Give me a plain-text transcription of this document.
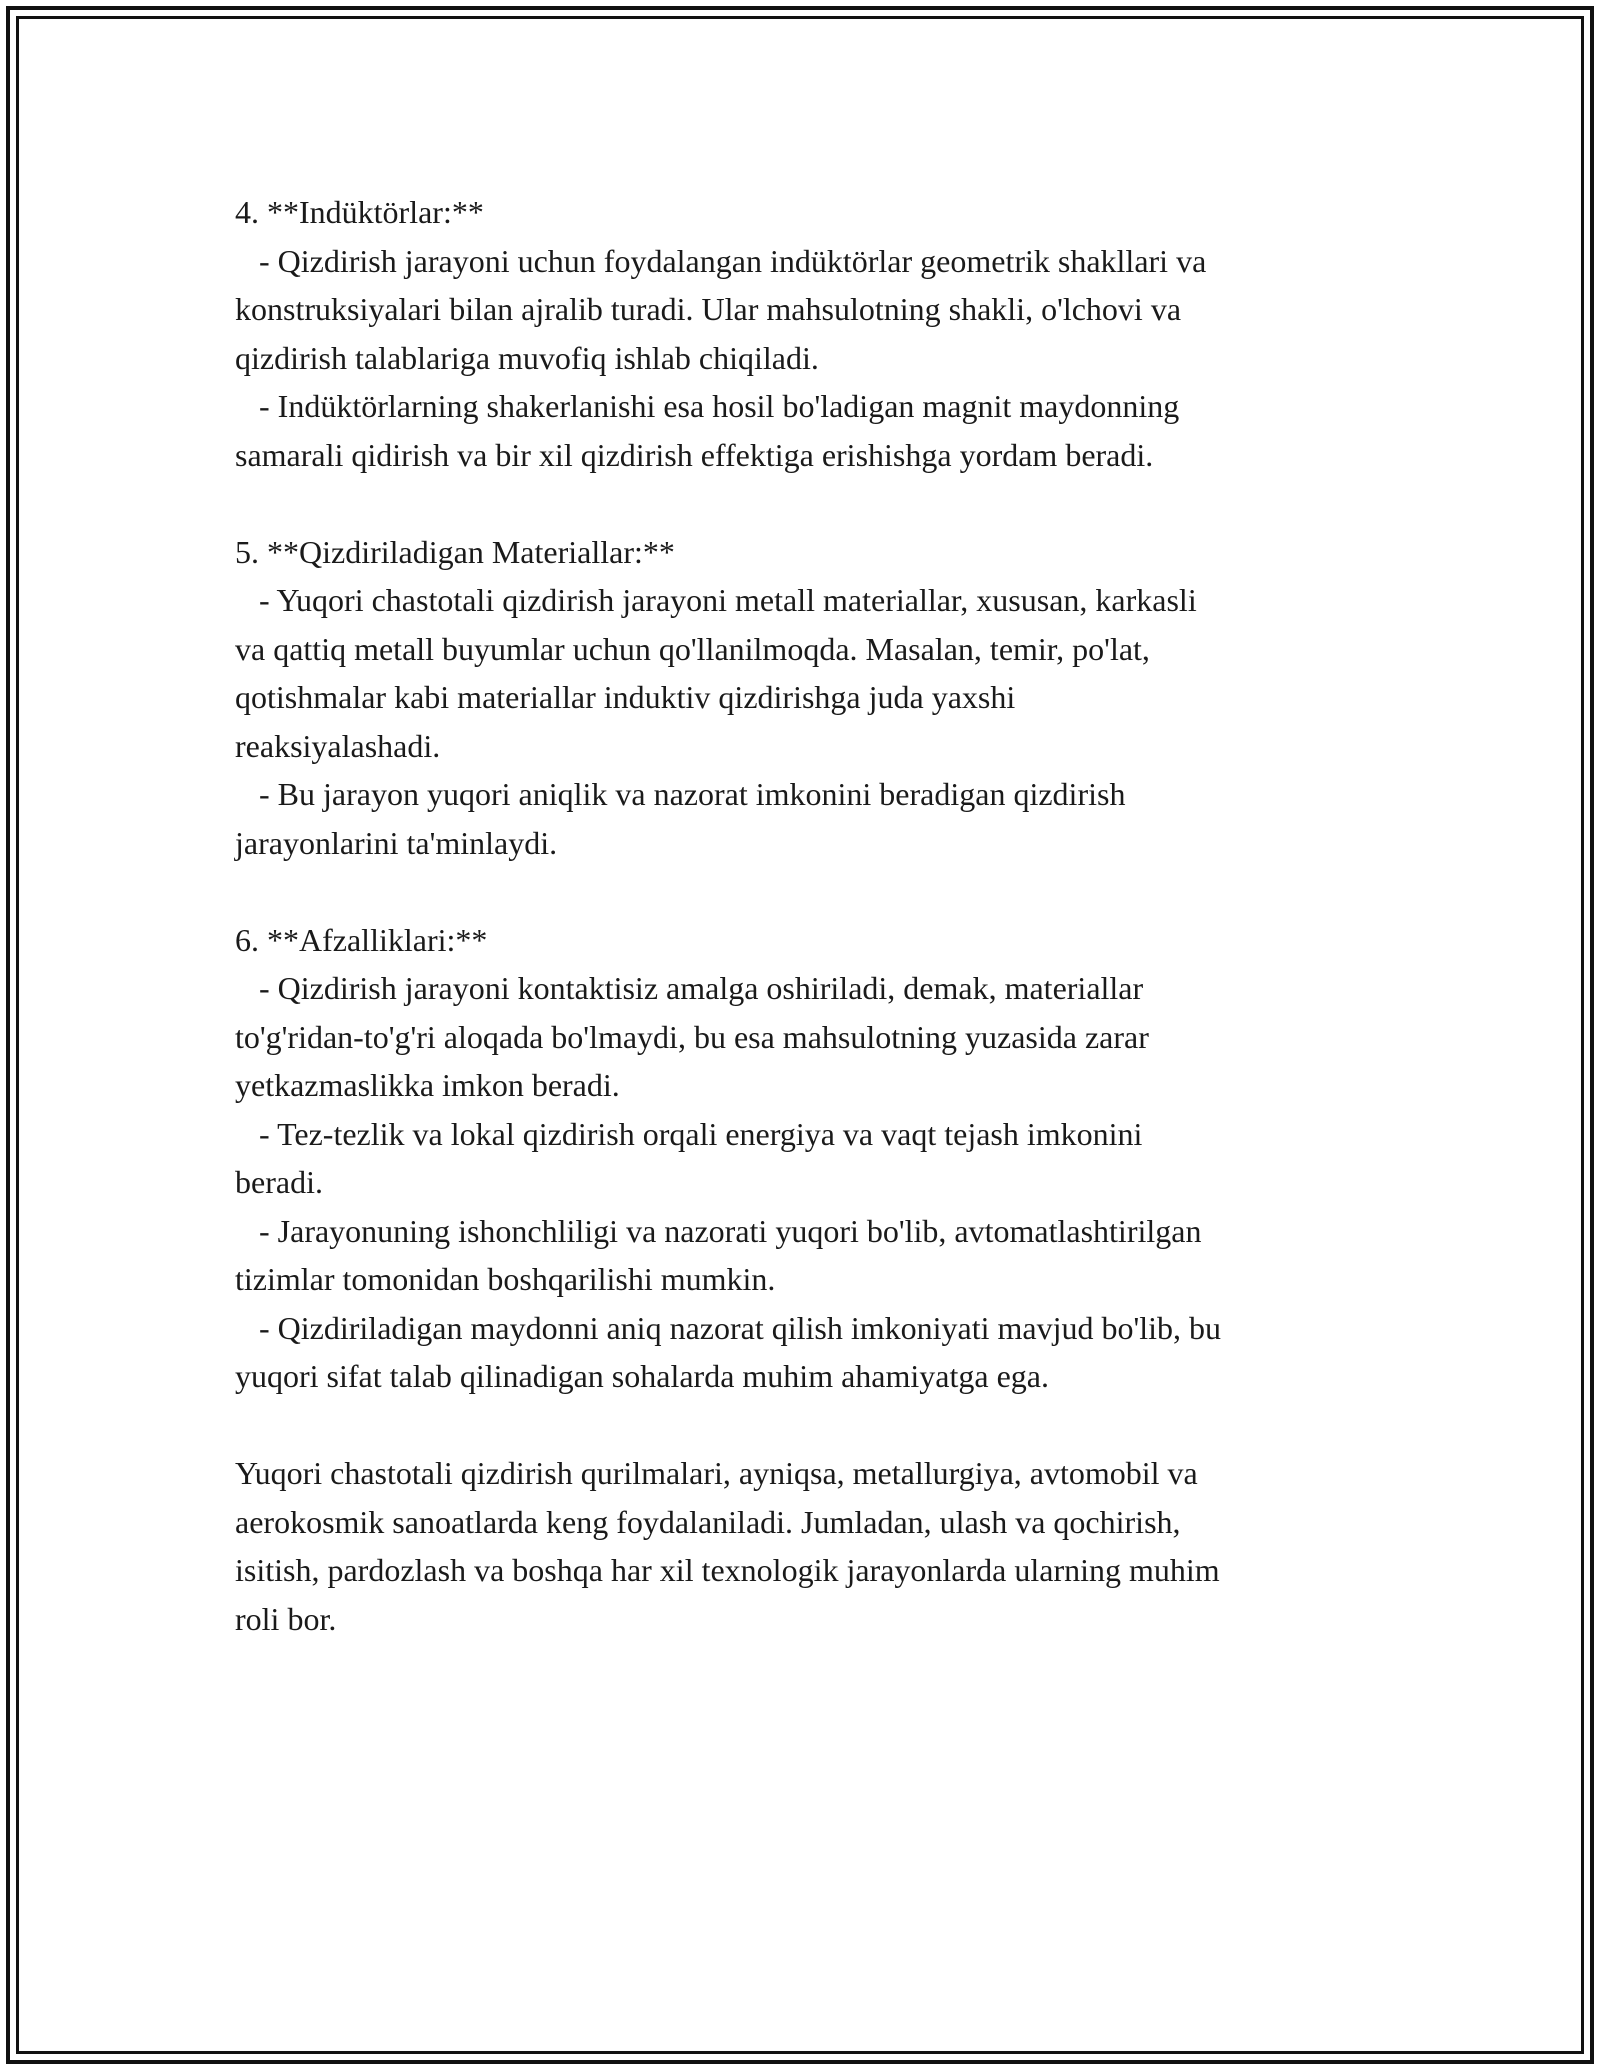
4. **Indüktörlar:**
- Qizdirish jarayoni uchun foydalangan indüktörlar geometrik shakllari va
konstruksiyalari bilan ajralib turadi. Ular mahsulotning shakli, o'lchovi va
qizdirish talablariga muvofiq ishlab chiqiladi.
- Indüktörlarning shakerlanishi esa hosil bo'ladigan magnit maydonning
samarali qidirish va bir xil qizdirish effektiga erishishga yordam beradi.
5. **Qizdiriladigan Materiallar:**
- Yuqori chastotali qizdirish jarayoni metall materiallar, xususan, karkasli
va qattiq metall buyumlar uchun qo'llanilmoqda. Masalan, temir, po'lat,
qotishmalar kabi materiallar induktiv qizdirishga juda yaxshi
reaksiyalashadi.
- Bu jarayon yuqori aniqlik va nazorat imkonini beradigan qizdirish
jarayonlarini ta'minlaydi.
6. **Afzalliklari:**
- Qizdirish jarayoni kontaktisiz amalga oshiriladi, demak, materiallar
to'g'ridan-to'g'ri aloqada bo'lmaydi, bu esa mahsulotning yuzasida zarar
yetkazmaslikka imkon beradi.
- Tez-tezlik va lokal qizdirish orqali energiya va vaqt tejash imkonini
beradi.
- Jarayonuning ishonchliligi va nazorati yuqori bo'lib, avtomatlashtirilgan
tizimlar tomonidan boshqarilishi mumkin.
- Qizdiriladigan maydonni aniq nazorat qilish imkoniyati mavjud bo'lib, bu
yuqori sifat talab qilinadigan sohalarda muhim ahamiyatga ega.
Yuqori chastotali qizdirish qurilmalari, ayniqsa, metallurgiya, avtomobil va
aerokosmik sanoatlarda keng foydalaniladi. Jumladan, ulash va qochirish,
isitish, pardozlash va boshqa har xil texnologik jarayonlarda ularning muhim
roli bor.
